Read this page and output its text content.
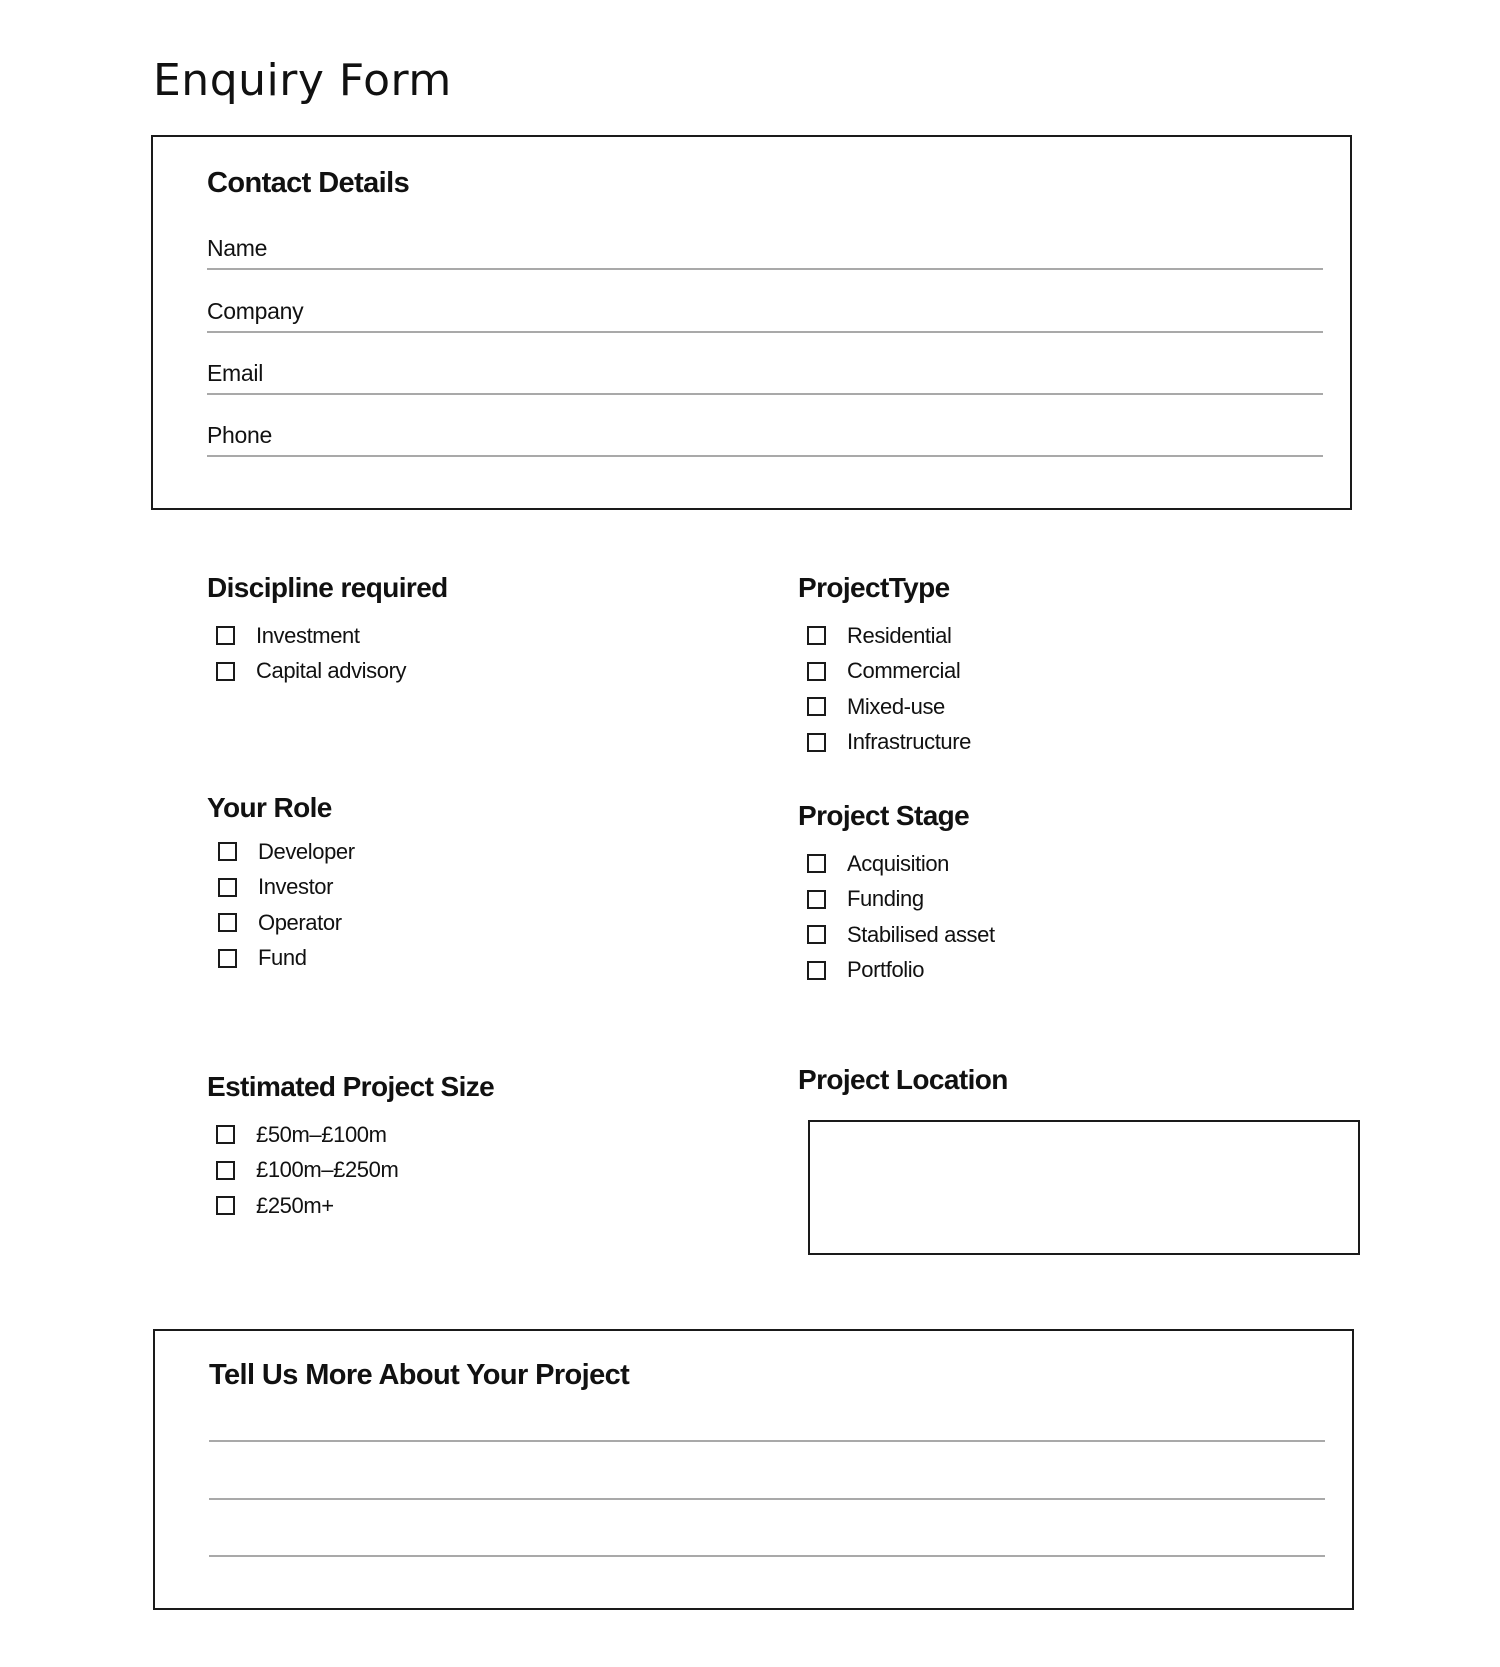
Enquiry Form
Contact Details
Name
Company
Email
Phone
Discipline required
Investment
Capital advisory
ProjectType
Residential
Commercial
Mixed-use
Infrastructure
Your Role
Developer
Investor
Operator
Fund
Project Stage
Acquisition
Funding
Stabilised asset
Portfolio
Estimated Project Size
£50m–£100m
£100m–£250m
£250m+
Project Location
Tell Us More About Your Project
